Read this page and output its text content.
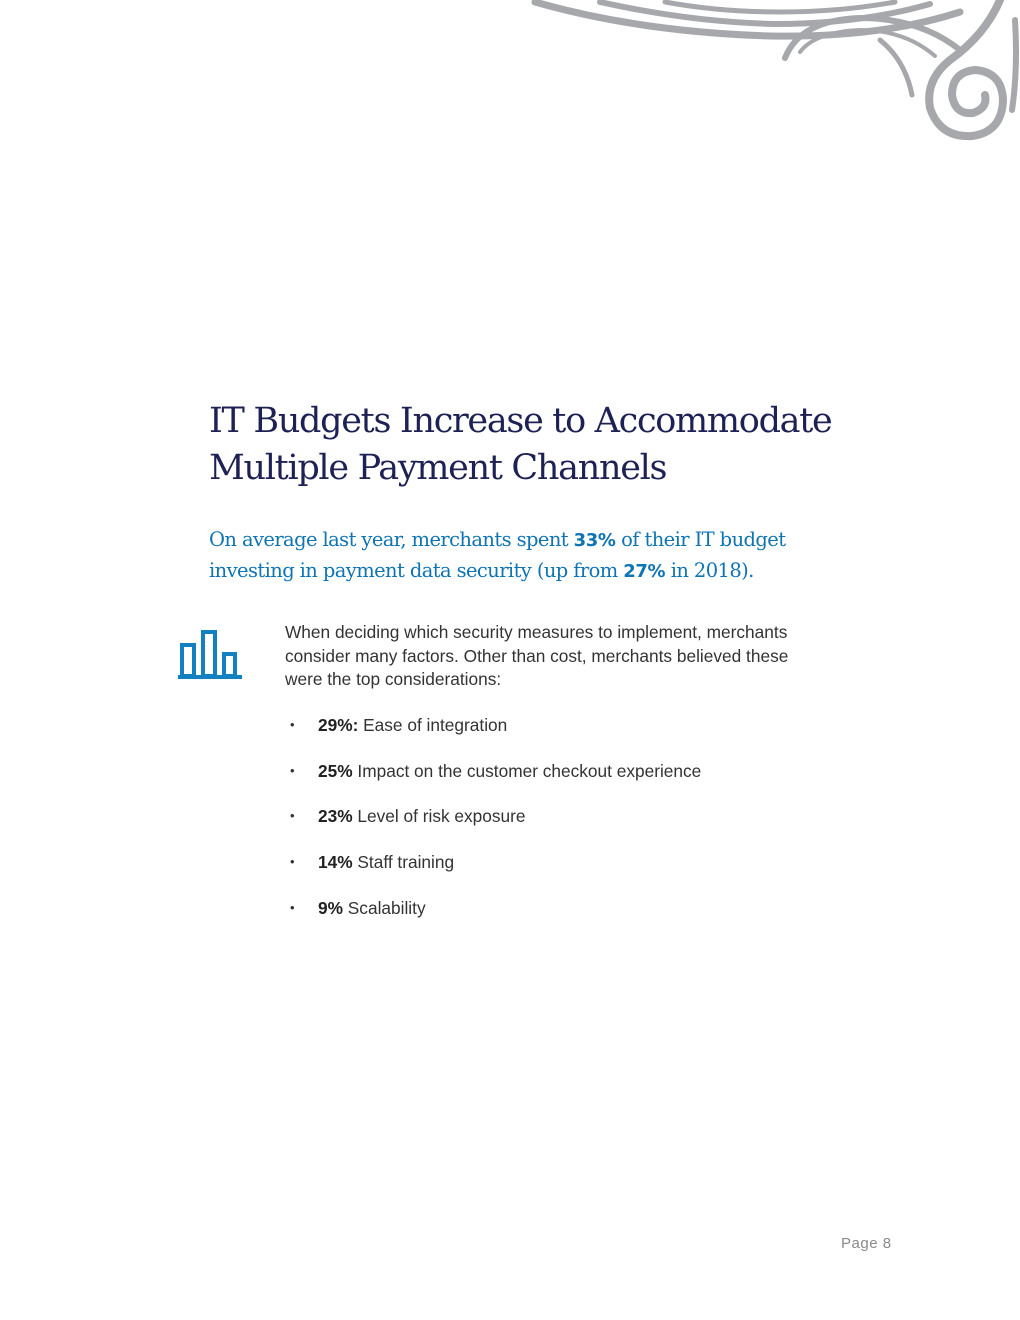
IT Budgets Increase to Accommodate
Multiple Payment Channels

On average last year, merchants spent 33% of their IT budget
investing in payment data security (up from 27% in 2018).

When deciding which security measures to implement, merchants
consider many factors. Other than cost, merchants believed these
were the top considerations:

• 29%: Ease of integration
• 25% Impact on the customer checkout experience
• 23% Level of risk exposure
• 14% Staff training
• 9% Scalability
Page 8
